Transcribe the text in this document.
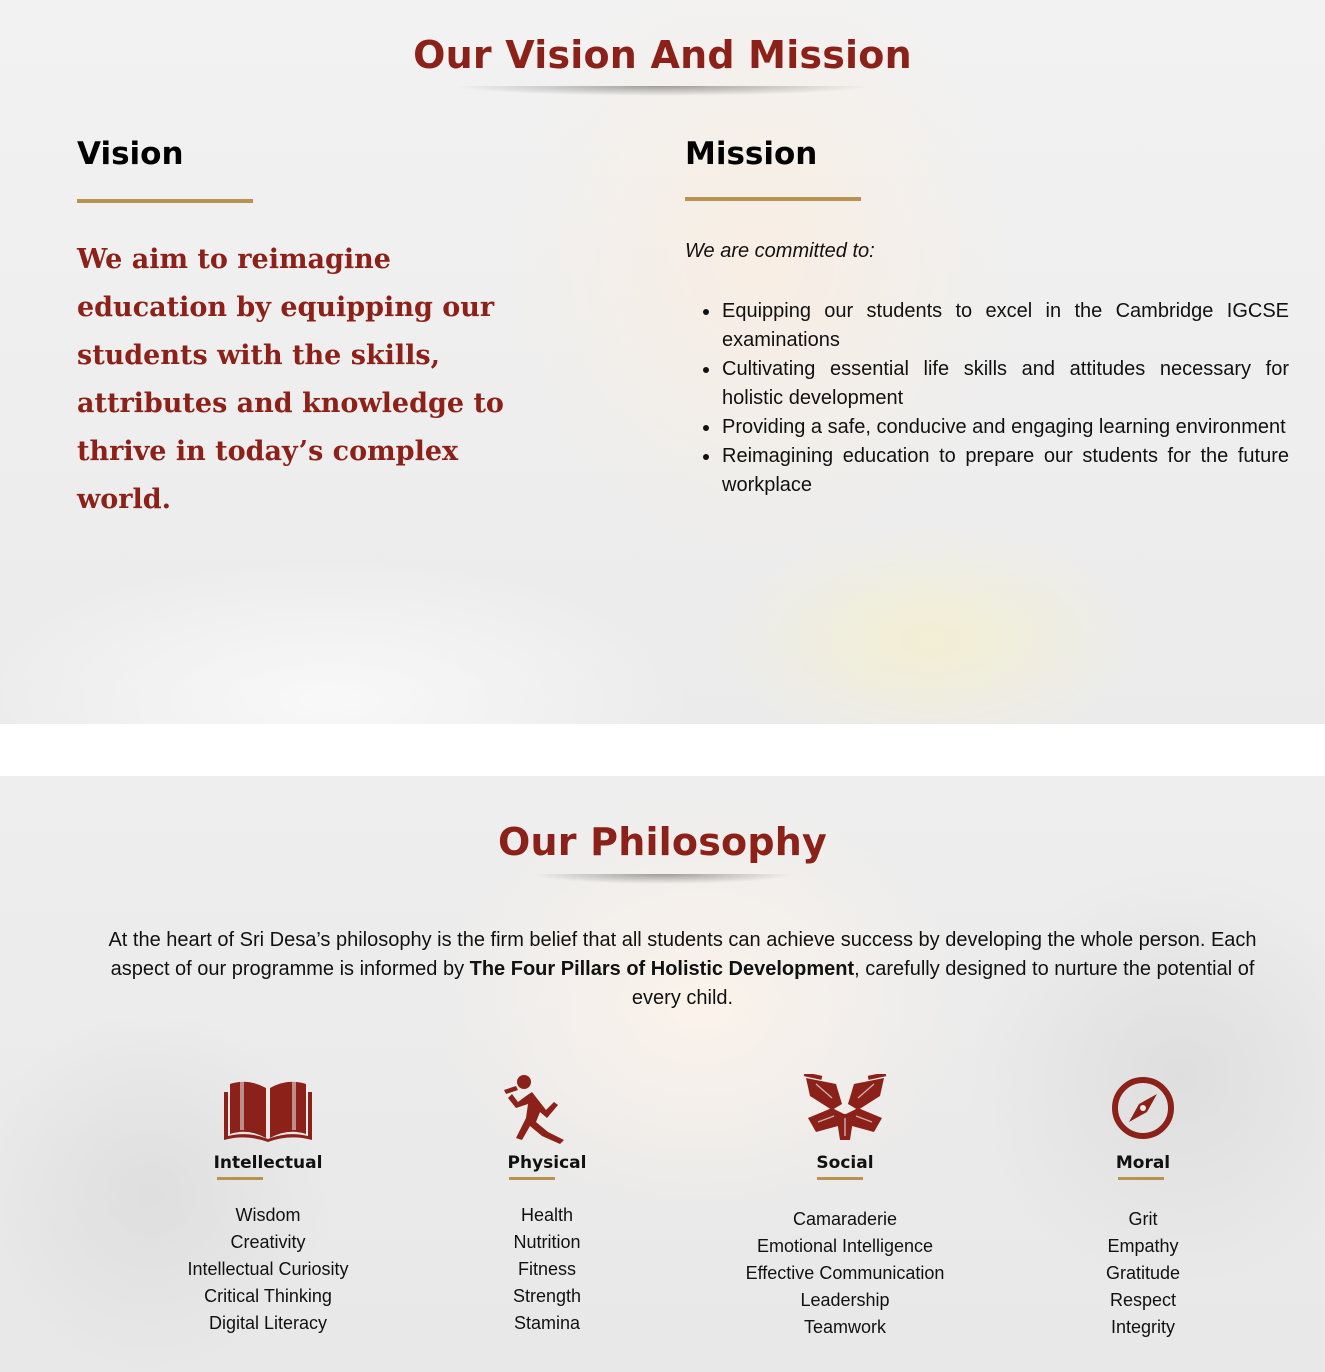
Our Vision And Mission
Vision

We aim to reimagine education by equipping our students with the skills, attributes and knowledge to thrive in today’s complex world.

Mission

We are committed to:

Equipping our students to excel in the Cambridge IGCSE examinations
Cultivating essential life skills and attitudes necessary for holistic development
Providing a safe, conducive and engaging learning environment
Reimagining education to prepare our students for the future workplace
Our Philosophy

At the heart of Sri Desa’s philosophy is the firm belief that all students can achieve success by developing the whole person. Each aspect of our programme is informed by The Four Pillars of Holistic Development, carefully designed to nurture the potential of every child.

Intellectual
Wisdom
Creativity
Intellectual Curiosity
Critical Thinking
Digital Literacy
Physical
Health
Nutrition
Fitness
Strength
Stamina
Social
Camaraderie
Emotional Intelligence
Effective Communication
Leadership
Teamwork
Moral
Grit
Empathy
Gratitude
Respect
Integrity
